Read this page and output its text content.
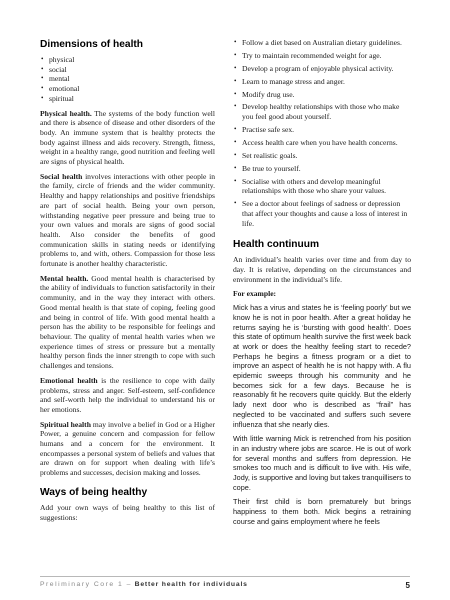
Dimensions of health
• physical
• social
• mental
• emotional
• spiritual

Physical health. The systems of the body function well and there is absence of disease and other disorders of the body. An immune system that is healthy protects the body against illness and aids recovery. Strength, fitness, weight in a healthy range, good nutrition and feeling well are signs of physical health.

Social health involves interactions with other people in the family, circle of friends and the wider community. Healthy and happy relationships and positive friendships are part of social health. Being your own person, withstanding negative peer pressure and being true to your own values and morals are signs of good social health. Also consider the benefits of good communication skills in stating needs or identifying problems to, and with, others. Compassion for those less fortunate is another healthy characteristic.

Mental health. Good mental health is characterised by the ability of individuals to function satisfactorily in their community, and in the way they interact with others. Good mental health is that state of coping, feeling good and being in control of life. With good mental health a person has the ability to be responsible for feelings and behaviour. The quality of mental health varies when we experience times of stress or pressure but a mentally healthy person finds the inner strength to cope with such challenges and tensions.

Emotional health is the resilience to cope with daily problems, stress and anger. Self-esteem, self-confidence and self-worth help the individual to understand his or her emotions.

Spiritual health may involve a belief in God or a Higher Power, a genuine concern and compassion for fellow humans and a concern for the environment. It encompasses a personal system of beliefs and values that are drawn on for support when dealing with life’s problems and successes, decision making and losses.

Ways of being healthy

Add your own ways of being healthy to this list of suggestions:

• Follow a diet based on Australian dietary guidelines.
• Try to maintain recommended weight for age.
• Develop a program of enjoyable physical activity.
• Learn to manage stress and anger.
• Modify drug use.
• Develop healthy relationships with those who make you feel good about yourself.
• Practise safe sex.
• Access health care when you have health concerns.
• Set realistic goals.
• Be true to yourself.
• Socialise with others and develop meaningful relationships with those who share your values.
• See a doctor about feelings of sadness or depression that affect your thoughts and cause a loss of interest in life.
Health continuum

An individual’s health varies over time and from day to day. It is relative, depending on the circumstances and environment in the individual’s life.

For example:

Mick has a virus and states he is ‘feeling poorly’ but we know he is not in poor health. After a great holiday he returns saying he is ‘bursting with good health’. Does this state of optimum health survive the first week back at work or does the healthy feeling start to recede? Perhaps he begins a fitness program or a diet to improve an aspect of health he is not happy with. A flu epidemic sweeps through his community and he becomes sick for a few days. Because he is reasonably fit he recovers quite quickly. But the elderly lady next door who is described as “frail” has neglected to be vaccinated and suffers such severe influenza that she nearly dies.

With little warning Mick is retrenched from his position in an industry where jobs are scarce. He is out of work for several months and suffers from depression. He smokes too much and is difficult to live with. His wife, Jody, is supportive and loving but takes tranquillisers to cope.

Their first child is born prematurely but brings happiness to them both. Mick begins a retraining course and gains employment where he feels

Preliminary Core 1 – Better health for individuals	5
